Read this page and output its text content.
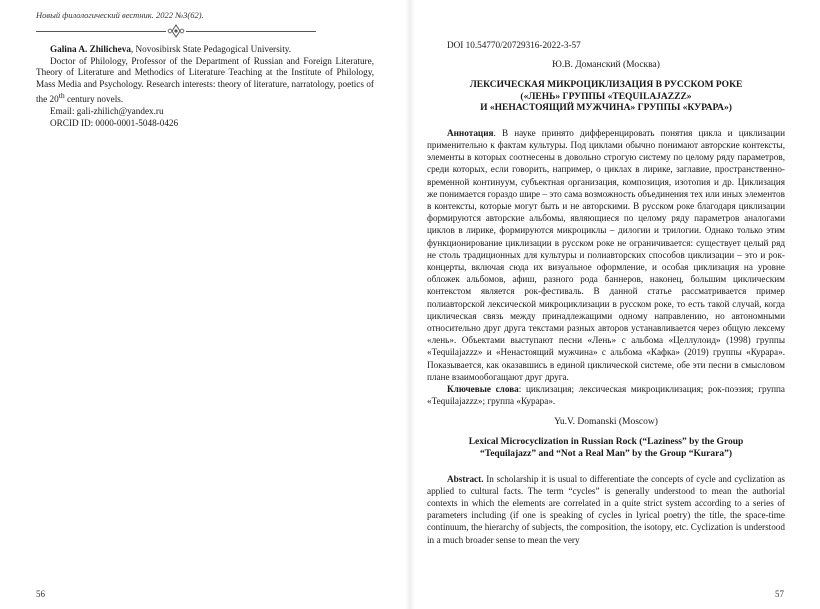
Новый филологический вестник. 2022 №3(62).

Galina A. Zhilicheva, Novosibirsk State Pedagogical University.

Doctor of Philology, Professor of the Department of Russian and Foreign Literature, Theory of Literature and Methodics of Literature Teaching at the Institute of Philology, Mass Media and Psychology. Research interests: theory of literature, narratology, poetics of the 20th century novels.

Email: gali-zhilich@yandex.ru

ORCID ID: 0000-0001-5048-0426

56

DOI 10.54770/20729316-2022-3-57

Ю.В. Доманский (Москва)

ЛЕКСИЧЕСКАЯ МИКРОЦИКЛИЗАЦИЯ В РУССКОМ РОКЕ
(«ЛЕНЬ» ГРУППЫ «TEQUILAJAZZZ»
И «НЕНАСТОЯЩИЙ МУЖЧИНА» ГРУППЫ «КУРАРА»)

Аннотация. В науке принято дифференцировать понятия цикла и циклизации применительно к фактам культуры. Под циклами обычно понимают авторские контексты, элементы в которых соотнесены в довольно строгую систему по целому ряду параметров, среди которых, если говорить, например, о циклах в лирике, заглавие, пространственно-временной континуум, субъектная организация, композиция, изотопия и др. Циклизация же понимается гораздо шире – это сама возможность объединения тех или иных элементов в контексты, которые могут быть и не авторскими. В русском роке благодаря циклизации формируются авторские альбомы, являющиеся по целому ряду параметров аналогами циклов в лирике, формируются микроциклы – дилогии и трилогии. Однако только этим функционирование циклизации в русском роке не ограничивается: существует целый ряд не столь традиционных для культуры и полиавторских способов циклизации – это и рок-концерты, включая сюда их визуальное оформление, и особая циклизация на уровне обложек альбомов, афиш, разного рода баннеров, наконец, большим циклическим контекстом является рок-фестиваль. В данной статье рассматривается пример полиавторской лексической микроциклизации в русском роке, то есть такой случай, когда циклическая связь между принадлежащими одному направлению, но автономными относительно друг друга текстами разных авторов устанавливается через общую лексему «лень». Объектами выступают песни «Лень» с альбома «Целлулоид» (1998) группы «Tequilajazzz» и «Ненастоящий мужчина» с альбома «Кафка» (2019) группы «Курара». Показывается, как оказавшись в единой циклической системе, обе эти песни в смысловом плане взаимообогащают друг друга.

Ключевые слова: циклизация; лексическая микроциклизация; рок-поэзия; группа «Tequilajazzz»; группа «Курара».

Yu.V. Domanski (Moscow)

Lexical Microcyclization in Russian Rock (“Laziness” by the Group
“Tequilajazz” and “Not a Real Man” by the Group “Kurara”)

Abstract. In scholarship it is usual to differentiate the concepts of cycle and cyclization as applied to cultural facts. The term “cycles” is generally understood to mean the authorial contexts in which the elements are correlated in a quite strict system according to a series of parameters including (if one is speaking of cycles in lyrical poetry) the title, the space-time continuum, the hierarchy of subjects, the composition, the isotopy, etc. Cyclization is understood in a much broader sense to mean the very

57
